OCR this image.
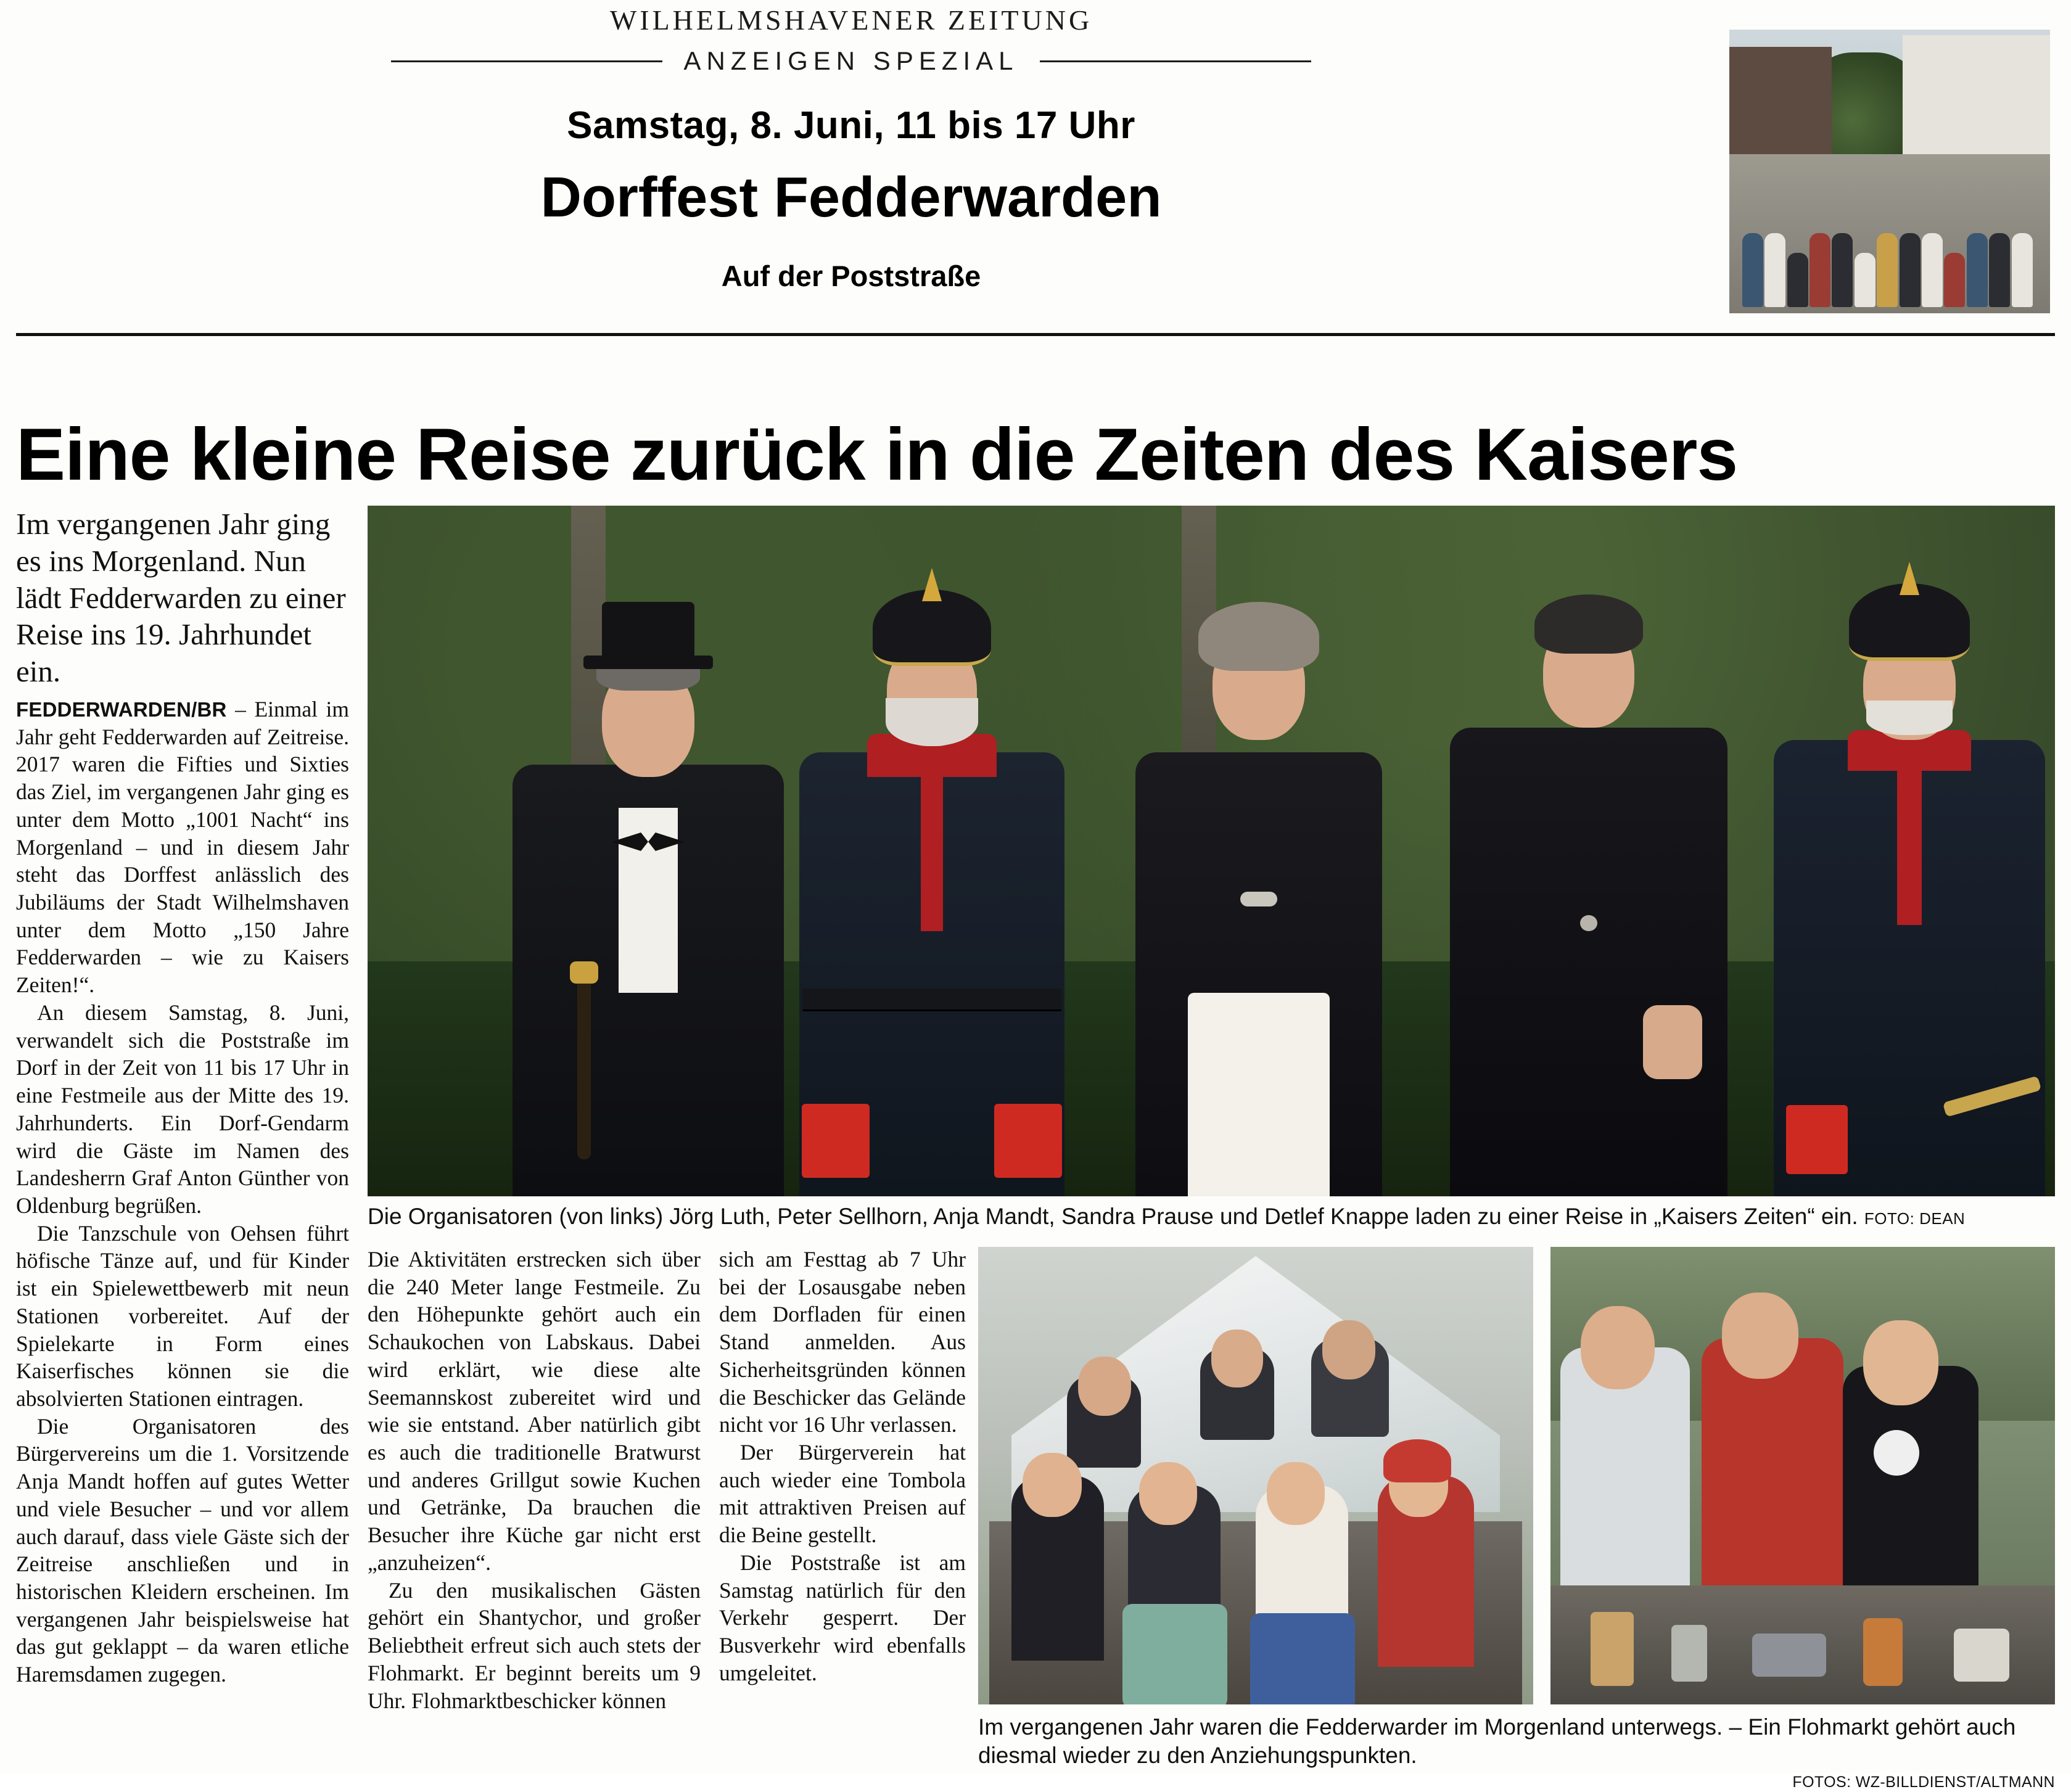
WILHELMSHAVENER ZEITUNG
ANZEIGEN SPEZIAL
Samstag, 8. Juni, 11 bis 17 Uhr
Dorffest Fedderwarden
Auf der Poststraße
Eine kleine Reise zurück in die Zeiten des Kaisers
Im vergangenen Jahr ging es ins Morgenland. Nun lädt Fedderwarden zu einer Reise ins 19. Jahrhundet ein.

FEDDERWARDEN/BR – Einmal im Jahr geht Fedderwarden auf Zeitreise. 2017 waren die Fifties und Sixties das Ziel, im vergangenen Jahr ging es unter dem Motto „1001 Nacht“ ins Morgenland – und in diesem Jahr steht das Dorffest anlässlich des Jubiläums der Stadt Wilhelmshaven unter dem Motto „150 Jahre Fedderwarden – wie zu Kaisers Zeiten!“.

An diesem Samstag, 8. Juni, verwandelt sich die Poststraße im Dorf in der Zeit von 11 bis 17 Uhr in eine Festmeile aus der Mitte des 19. Jahrhunderts. Ein Dorf-Gendarm wird die Gäste im Namen des Landesherrn Graf Anton Günther von Oldenburg begrüßen.

Die Tanzschule von Oehsen führt höfische Tänze auf, und für Kinder ist ein Spielewettbewerb mit neun Stationen vorbereitet. Auf der Spielekarte in Form eines Kaiserfisches können sie die absolvierten Stationen eintragen.

Die Organisatoren des Bürgervereins um die 1. Vorsitzende Anja Mandt hoffen auf gutes Wetter und viele Besucher – und vor allem auch darauf, dass viele Gäste sich der Zeitreise anschließen und in historischen Kleidern erscheinen. Im vergangenen Jahr beispielsweise hat das gut geklappt – da waren etliche Haremsdamen zugegen.

Die Organisatoren (von links) Jörg Luth, Peter Sellhorn, Anja Mandt, Sandra Prause und Detlef Knappe laden zu einer Reise in „Kaisers Zeiten“ ein. FOTO: DEAN

Die Aktivitäten erstrecken sich über die 240 Meter lange Festmeile. Zu den Höhepunkte gehört auch ein Schaukochen von Labskaus. Dabei wird erklärt, wie diese alte Seemannskost zubereitet wird und wie sie entstand. Aber natürlich gibt es auch die traditionelle Bratwurst und anderes Grillgut sowie Kuchen und Getränke, Da brauchen die Besucher ihre Küche gar nicht erst „anzuheizen“.

Zu den musikalischen Gästen gehört ein Shantychor, und großer Beliebtheit erfreut sich auch stets der Flohmarkt. Er beginnt bereits um 9 Uhr. Flohmarktbeschicker können

sich am Festtag ab 7 Uhr bei der Losausgabe neben dem Dorfladen für einen Stand anmelden. Aus Sicherheitsgründen können die Beschicker das Gelände nicht vor 16 Uhr verlassen.

Der Bürgerverein hat auch wieder eine Tombola mit attraktiven Preisen auf die Beine gestellt.

Die Poststraße ist am Samstag natürlich für den Verkehr gesperrt. Der Busverkehr wird ebenfalls umgeleitet.

Im vergangenen Jahr waren die Fedderwarder im Morgenland unterwegs. – Ein Flohmarkt gehört auch diesmal wieder zu den Anziehungspunkten.
FOTOS: WZ-BILLDIENST/ALTMANN
